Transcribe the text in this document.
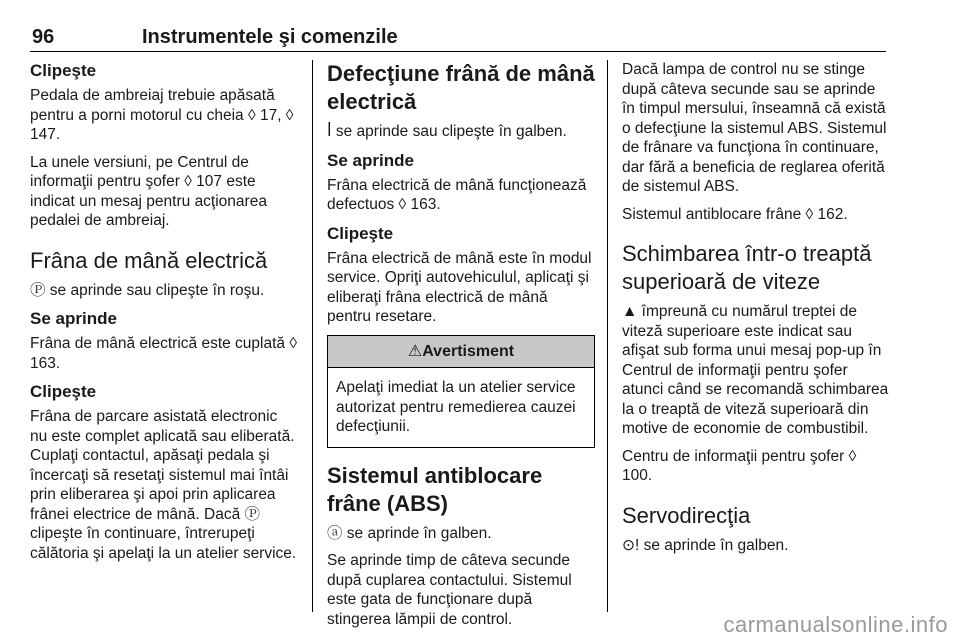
96	Instrumentele şi comenzile
Clipeşte

Pedala de ambreiaj trebuie apăsată pentru a porni motorul cu cheia ◊ 17, ◊ 147.

La unele versiuni, pe Centrul de informaţii pentru şofer ◊ 107 este indicat un mesaj pentru acţionarea pedalei de ambreiaj.

Frâna de mână electrică

Ⓟ se aprinde sau clipeşte în roşu.

Se aprinde

Frâna de mână electrică este cuplată ◊ 163.

Clipeşte

Frâna de parcare asistată electronic nu este complet aplicată sau eliberată. Cuplaţi contactul, apăsaţi pedala şi încercaţi să resetaţi sistemul mai întâi prin eliberarea şi apoi prin aplicarea frânei electrice de mână. Dacă Ⓟ clipeşte în continuare, întrerupeţi călătoria şi apelaţi la un atelier service.

Defecţiune frână de mână electrică

ꟾ se aprinde sau clipeşte în galben.

Se aprinde

Frâna electrică de mână funcţionează defectuos ◊ 163.

Clipeşte

Frâna electrică de mână este în modul service. Opriţi autovehiculul, aplicaţi şi eliberaţi frâna electrică de mână pentru resetare.

⚠Avertisment
Apelaţi imediat la un atelier service autorizat pentru remedierea cauzei defecţiunii.
Sistemul antiblocare frâne (ABS)

ⓐ se aprinde în galben.

Se aprinde timp de câteva secunde după cuplarea contactului. Sistemul este gata de funcţionare după stingerea lămpii de control.

Dacă lampa de control nu se stinge după câteva secunde sau se aprinde în timpul mersului, înseamnă că există o defecţiune la sistemul ABS. Sistemul de frânare va funcţiona în continuare, dar fără a beneficia de reglarea oferită de sistemul ABS.

Sistemul antiblocare frâne ◊ 162.

Schimbarea într-o treaptă superioară de viteze

▲ împreună cu numărul treptei de viteză superioare este indicat sau afişat sub forma unui mesaj pop-up în Centrul de informaţii pentru şofer atunci când se recomandă schimbarea la o treaptă de viteză superioară din motive de economie de combustibil.

Centru de informaţii pentru şofer ◊ 100.

Servodirecţia

⊙! se aprinde în galben.

carmanualsonline.info
